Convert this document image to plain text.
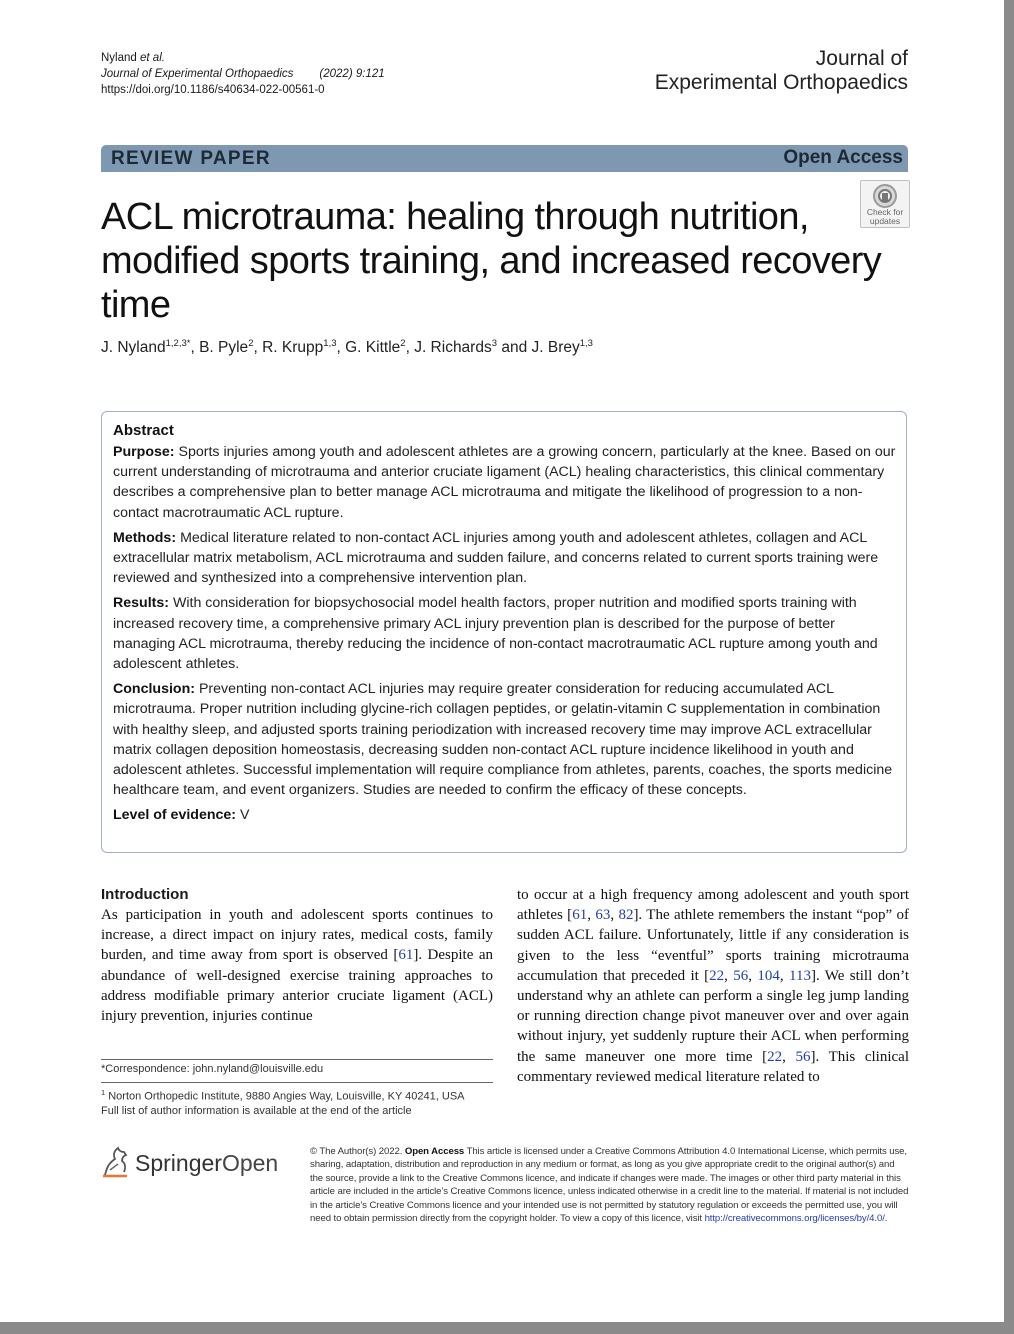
Nyland et al.
Journal of Experimental Orthopaedics (2022) 9:121
https://doi.org/10.1186/s40634-022-00561-0
Journal of
Experimental Orthopaedics
REVIEW PAPER	Open Access
Check for
updates
ACL microtrauma: healing through nutrition, modified sports training, and increased recovery time
J. Nyland$^{1,2,3*}$, B. Pyle$^2$, R. Krupp$^{1,3}$, G. Kittle$^2$, J. Richards$^3$ and J. Brey$^{1,3}$
Abstract

Purpose: Sports injuries among youth and adolescent athletes are a growing concern, particularly at the knee. Based on our current understanding of microtrauma and anterior cruciate ligament (ACL) healing characteristics, this clinical commentary describes a comprehensive plan to better manage ACL microtrauma and mitigate the likelihood of progression to a non-contact macrotraumatic ACL rupture.

Methods: Medical literature related to non-contact ACL injuries among youth and adolescent athletes, collagen and ACL extracellular matrix metabolism, ACL microtrauma and sudden failure, and concerns related to current sports training were reviewed and synthesized into a comprehensive intervention plan.

Results: With consideration for biopsychosocial model health factors, proper nutrition and modified sports training with increased recovery time, a comprehensive primary ACL injury prevention plan is described for the purpose of better managing ACL microtrauma, thereby reducing the incidence of non-contact macrotraumatic ACL rupture among youth and adolescent athletes.

Conclusion: Preventing non-contact ACL injuries may require greater consideration for reducing accumulated ACL microtrauma. Proper nutrition including glycine-rich collagen peptides, or gelatin-vitamin C supplementation in combination with healthy sleep, and adjusted sports training periodization with increased recovery time may improve ACL extracellular matrix collagen deposition homeostasis, decreasing sudden non-contact ACL rupture incidence likelihood in youth and adolescent athletes. Successful implementation will require compliance from athletes, parents, coaches, the sports medicine healthcare team, and event organizers. Studies are needed to confirm the efficacy of these concepts.

Level of evidence: V

Introduction

As participation in youth and adolescent sports continues to increase, a direct impact on injury rates, medical costs, family burden, and time away from sport is observed [61]. Despite an abundance of well-designed exercise training approaches to address modifiable primary anterior cruciate ligament (ACL) injury prevention, injuries continue

to occur at a high frequency among adolescent and youth sport athletes [61, 63, 82]. The athlete remembers the instant “pop” of sudden ACL failure. Unfortunately, little if any consideration is given to the less “eventful” sports training microtrauma accumulation that preceded it [22, 56, 104, 113]. We still don’t understand why an athlete can perform a single leg jump landing or running direction change pivot maneuver over and over again without injury, yet suddenly rupture their ACL when performing the same maneuver one more time [22, 56]. This clinical commentary reviewed medical literature related to

*Correspondence: john.nyland@louisville.edu
$^1$ Norton Orthopedic Institute, 9880 Angies Way, Louisville, KY 40241, USA
Full list of author information is available at the end of the article
SpringerOpen	© The Author(s) 2022. Open Access This article is licensed under a Creative Commons Attribution 4.0 International License, which permits use, sharing, adaptation, distribution and reproduction in any medium or format, as long as you give appropriate credit to the original author(s) and the source, provide a link to the Creative Commons licence, and indicate if changes were made. The images or other third party material in this article are included in the article’s Creative Commons licence, unless indicated otherwise in a credit line to the material. If material is not included in the article’s Creative Commons licence and your intended use is not permitted by statutory regulation or exceeds the permitted use, you will need to obtain permission directly from the copyright holder. To view a copy of this licence, visit http://creativecommons.org/licenses/by/4.0/.
